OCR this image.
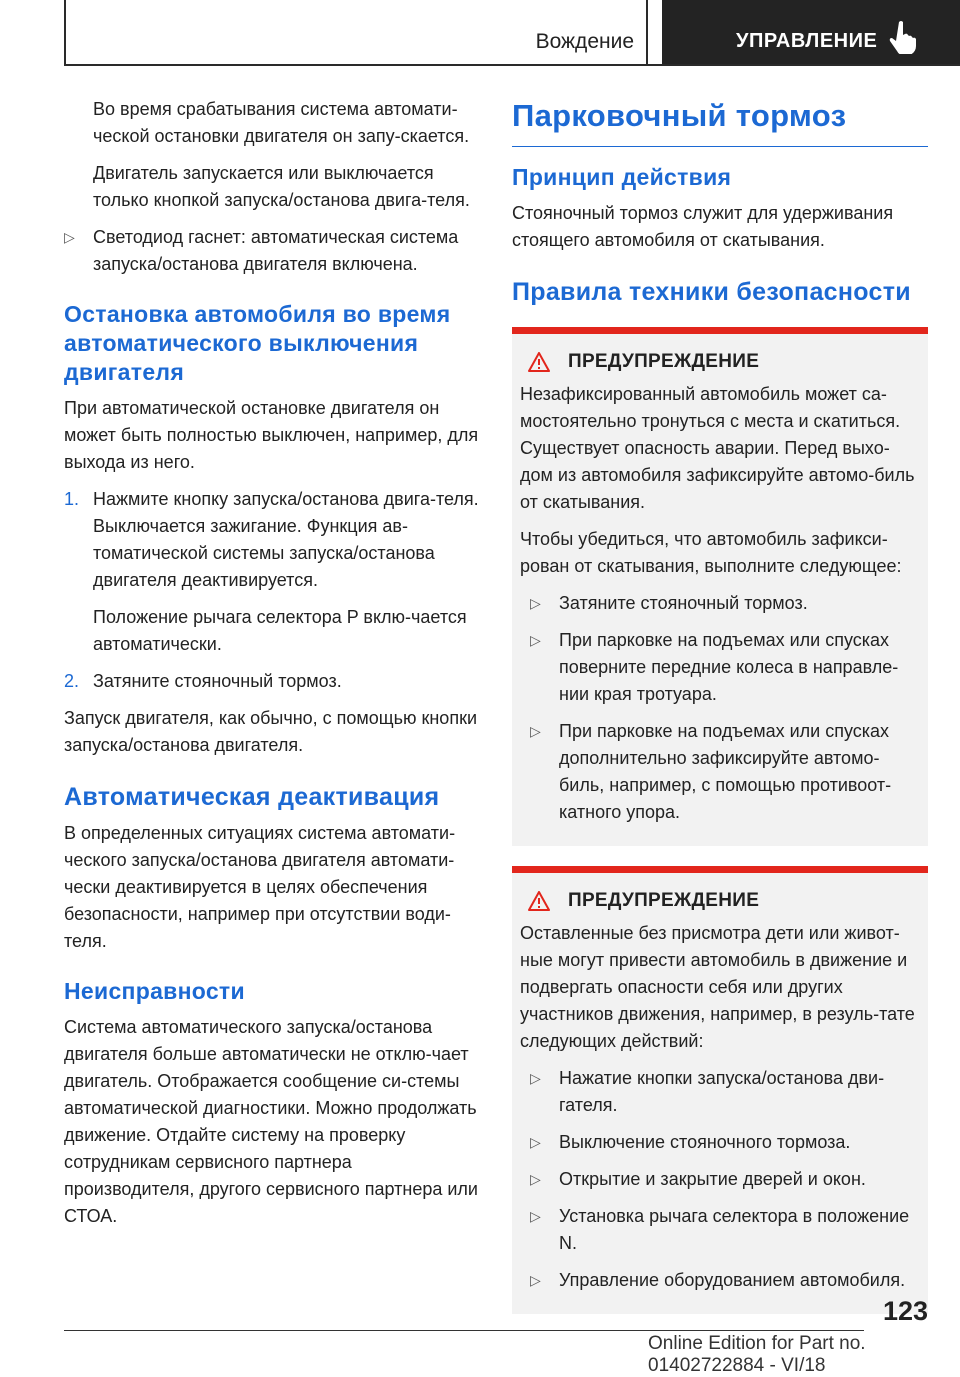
Вождение	УПРАВЛЕНИЕ

Во время срабатывания система автомати-ческой остановки двигателя он запу-скается.

Двигатель запускается или выключается только кнопкой запуска/останова двига-теля.

▷	Светодиод гаснет: автоматическая система запуска/останова двигателя включена.
Остановка автомобиля во время автоматического выключения двигателя

При автоматической остановке двигателя он может быть полностью выключен, например, для выхода из него.

1. Нажмите кнопку запуска/останова двига-теля. Выключается зажигание. Функция ав-томатической системы запуска/останова двигателя деактивируется.

Положение рычага селектора P вклю-чается автоматически.

2. Затяните стояночный тормоз.

Запуск двигателя, как обычно, с помощью кнопки запуска/останова двигателя.

Автоматическая деактивация

В определенных ситуациях система автомати-ческого запуска/останова двигателя автомати-чески деактивируется в целях обеспечения безопасности, например при отсутствии води-теля.

Неисправности

Система автоматического запуска/останова двигателя больше автоматически не отклю-чает двигатель. Отображается сообщение си-стемы автоматической диагностики. Можно продолжать движение. Отдайте систему на проверку сотрудникам сервисного партнера производителя, другого сервисного партнера или СТОА.

Парковочный тормоз
Принцип действия

Стояночный тормоз служит для удерживания стоящего автомобиля от скатывания.

Правила техники безопасности
ПРЕДУПРЕЖДЕНИЕ

Незафиксированный автомобиль может са-мостоятельно тронуться с места и скатиться. Существует опасность аварии. Перед выхо-дом из автомобиля зафиксируйте автомо-биль от скатывания.

Чтобы убедиться, что автомобиль зафикси-рован от скатывания, выполните следующее:

▷	Затяните стояночный тормоз.
▷	При парковке на подъемах или спусках поверните передние колеса в направле-нии края тротуара.
▷	При парковке на подъемах или спусках дополнительно зафиксируйте автомо-биль, например, с помощью противоот-катного упора.
ПРЕДУПРЕЖДЕНИЕ

Оставленные без присмотра дети или живот-ные могут привести автомобиль в движение и подвергать опасности себя или других участников движения, например, в резуль-тате следующих действий:

▷	Нажатие кнопки запуска/останова дви-гателя.
▷	Выключение стояночного тормоза.
▷	Открытие и закрытие дверей и окон.
▷	Установка рычага селектора в положение N.
▷	Управление оборудованием автомобиля.
123
Online Edition for Part no. 01402722884 - VI/18
